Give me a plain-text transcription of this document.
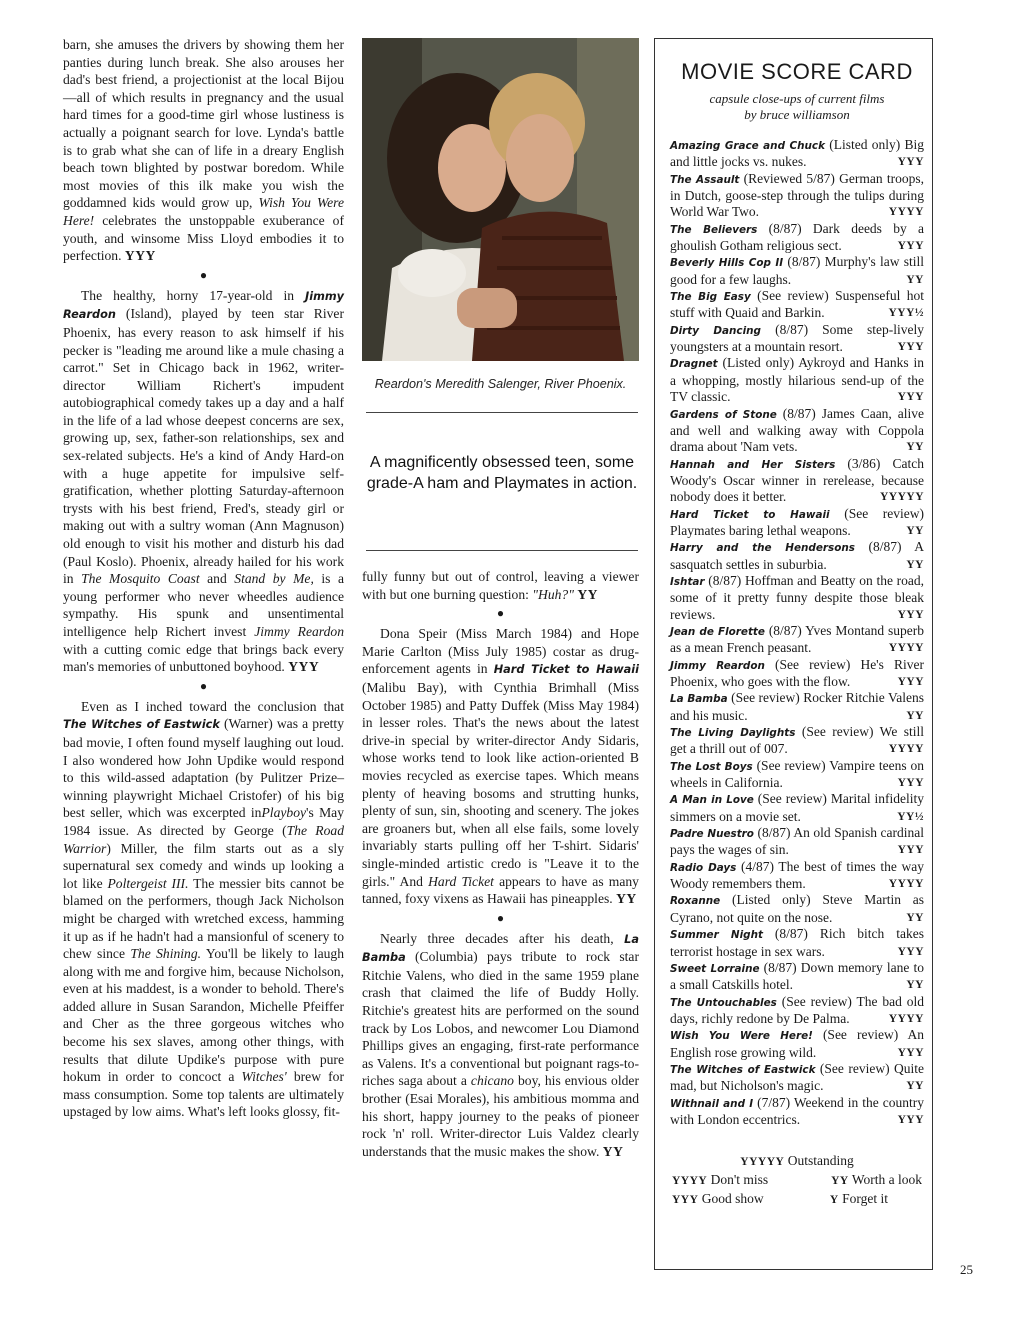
barn, she amuses the drivers by showing them her panties during lunch break. She also arouses her dad's best friend, a projectionist at the local Bijou—all of which results in pregnancy and the usual hard times for a good-time girl whose lustiness is actually a poignant search for love. Lynda's battle is to grab what she can of life in a dreary English beach town blighted by postwar boredom. While most movies of this ilk make you wish the goddamned kids would grow up, Wish You Were Here! celebrates the unstoppable exuberance of youth, and winsome Miss Lloyd embodies it to perfection. YYY

●

The healthy, horny 17-year-old in Jimmy Reardon (Island), played by teen star River Phoenix, has every reason to ask himself if his pecker is "leading me around like a mule chasing a carrot." Set in Chicago back in 1962, writer-director William Richert's impudent autobiographical comedy takes up a day and a half in the life of a lad whose deepest concerns are sex, growing up, sex, father-son relationships, sex and sex-related subjects. He's a kind of Andy Hard-on with a huge appetite for impulsive self-gratification, whether plotting Saturday-afternoon trysts with his best friend, Fred's, steady girl or making out with a sultry woman (Ann Magnuson) old enough to visit his mother and disturb his dad (Paul Koslo). Phoenix, already hailed for his work in The Mosquito Coast and Stand by Me, is a young performer who never wheedles audience sympathy. His spunk and unsentimental intelligence help Richert invest Jimmy Reardon with a cutting comic edge that brings back every man's memories of unbuttoned boyhood. YYY

●

Even as I inched toward the conclusion that The Witches of Eastwick (Warner) was a pretty bad movie, I often found myself laughing out loud. I also wondered how John Updike would respond to this wild-assed adaptation (by Pulitzer Prize–winning playwright Michael Cristofer) of his big best seller, which was excerpted inPlayboy's May 1984 issue. As directed by George (The Road Warrior) Miller, the film starts out as a sly supernatural sex comedy and winds up looking a lot like Poltergeist III. The messier bits cannot be blamed on the performers, though Jack Nicholson might be charged with wretched excess, hamming it up as if he hadn't had a mansionful of scenery to chew since The Shining. You'll be likely to laugh along with me and forgive him, because Nicholson, even at his maddest, is a wonder to behold. There's added allure in Susan Sarandon, Michelle Pfeiffer and Cher as the three gorgeous witches who become his sex slaves, among other things, with results that dilute Updike's purpose with pure hokum in order to concoct a Witches' brew for mass consumption. Some top talents are ultimately upstaged by low aims. What's left looks glossy, fit-

Reardon's Meredith Salenger, River Phoenix.
A magnificently obsessed teen, some grade-A ham and Playmates in action.

fully funny but out of control, leaving a viewer with but one burning question: "Huh?" YY

●

Dona Speir (Miss March 1984) and Hope Marie Carlton (Miss July 1985) costar as drug-enforcement agents in Hard Ticket to Hawaii (Malibu Bay), with Cynthia Brimhall (Miss October 1985) and Patty Duffek (Miss May 1984) in lesser roles. That's the news about the latest drive-in special by writer-director Andy Sidaris, whose works tend to look like action-oriented B movies recycled as exercise tapes. Which means plenty of heaving bosoms and strutting hunks, plenty of sun, sin, shooting and scenery. The jokes are groaners but, when all else fails, some lovely invariably starts pulling off her T-shirt. Sidaris' single-minded artistic credo is "Leave it to the girls." And Hard Ticket appears to have as many tanned, foxy vixens as Hawaii has pineapples. YY

●

Nearly three decades after his death, La Bamba (Columbia) pays tribute to rock star Ritchie Valens, who died in the same 1959 plane crash that claimed the life of Buddy Holly. Ritchie's greatest hits are performed on the sound track by Los Lobos, and newcomer Lou Diamond Phillips gives an engaging, first-rate performance as Valens. It's a conventional but poignant rags-to-riches saga about a chicano boy, his envious older brother (Esai Morales), his ambitious momma and his short, happy journey to the peaks of pioneer rock 'n' roll. Writer-director Luis Valdez clearly understands that the music makes the show. YY

MOVIE SCORE CARD
capsule close-ups of current films
by bruce williamson

Amazing Grace and Chuck (Listed only) Big and little jocks vs. nukes.	YYY

The Assault (Reviewed 5/87) German troops, in Dutch, goose-step through the tulips during World War Two.	YYYY

The Believers (8/87) Dark deeds by a ghoulish Gotham religious sect.	YYY

Beverly Hills Cop II (8/87) Murphy's law still good for a few laughs.	YY

The Big Easy (See review) Suspenseful hot stuff with Quaid and Barkin.	YYY½

Dirty Dancing (8/87) Some step-lively youngsters at a mountain resort.	YYY

Dragnet (Listed only) Aykroyd and Hanks in a whopping, mostly hilarious send-up of the TV classic.	YYY

Gardens of Stone (8/87) James Caan, alive and well and walking away with Coppola drama about 'Nam vets.	YY

Hannah and Her Sisters (3/86) Catch Woody's Oscar winner in rerelease, because nobody does it better.	YYYYY

Hard Ticket to Hawaii (See review) Playmates baring lethal weapons.	YY

Harry and the Hendersons (8/87) A sasquatch settles in suburbia.	YY

Ishtar (8/87) Hoffman and Beatty on the road, some of it pretty funny despite those bleak reviews.	YYY

Jean de Florette (8/87) Yves Montand superb as a mean French peasant.	YYYY

Jimmy Reardon (See review) He's River Phoenix, who goes with the flow.	YYY

La Bamba (See review) Rocker Ritchie Valens and his music.	YY

The Living Daylights (See review) We still get a thrill out of 007.	YYYY

The Lost Boys (See review) Vampire teens on wheels in California.	YYY

A Man in Love (See review) Marital infidelity simmers on a movie set.	YY½

Padre Nuestro (8/87) An old Spanish cardinal pays the wages of sin.	YYY

Radio Days (4/87) The best of times the way Woody remembers them.	YYYY

Roxanne (Listed only) Steve Martin as Cyrano, not quite on the nose.	YY

Summer Night (8/87) Rich bitch takes terrorist hostage in sex wars.	YYY

Sweet Lorraine (8/87) Down memory lane to a small Catskills hotel.	YY

The Untouchables (See review) The bad old days, richly redone by De Palma.	YYYY

Wish You Were Here! (See review) An English rose growing wild.	YYY

The Witches of Eastwick (See review) Quite mad, but Nicholson's magic.	YY

Withnail and I (7/87) Weekend in the country with London eccentrics.	YYY

YYYYY Outstanding
YYYY Don't miss	YY Worth a look
YYY Good show	Y Forget it
25
